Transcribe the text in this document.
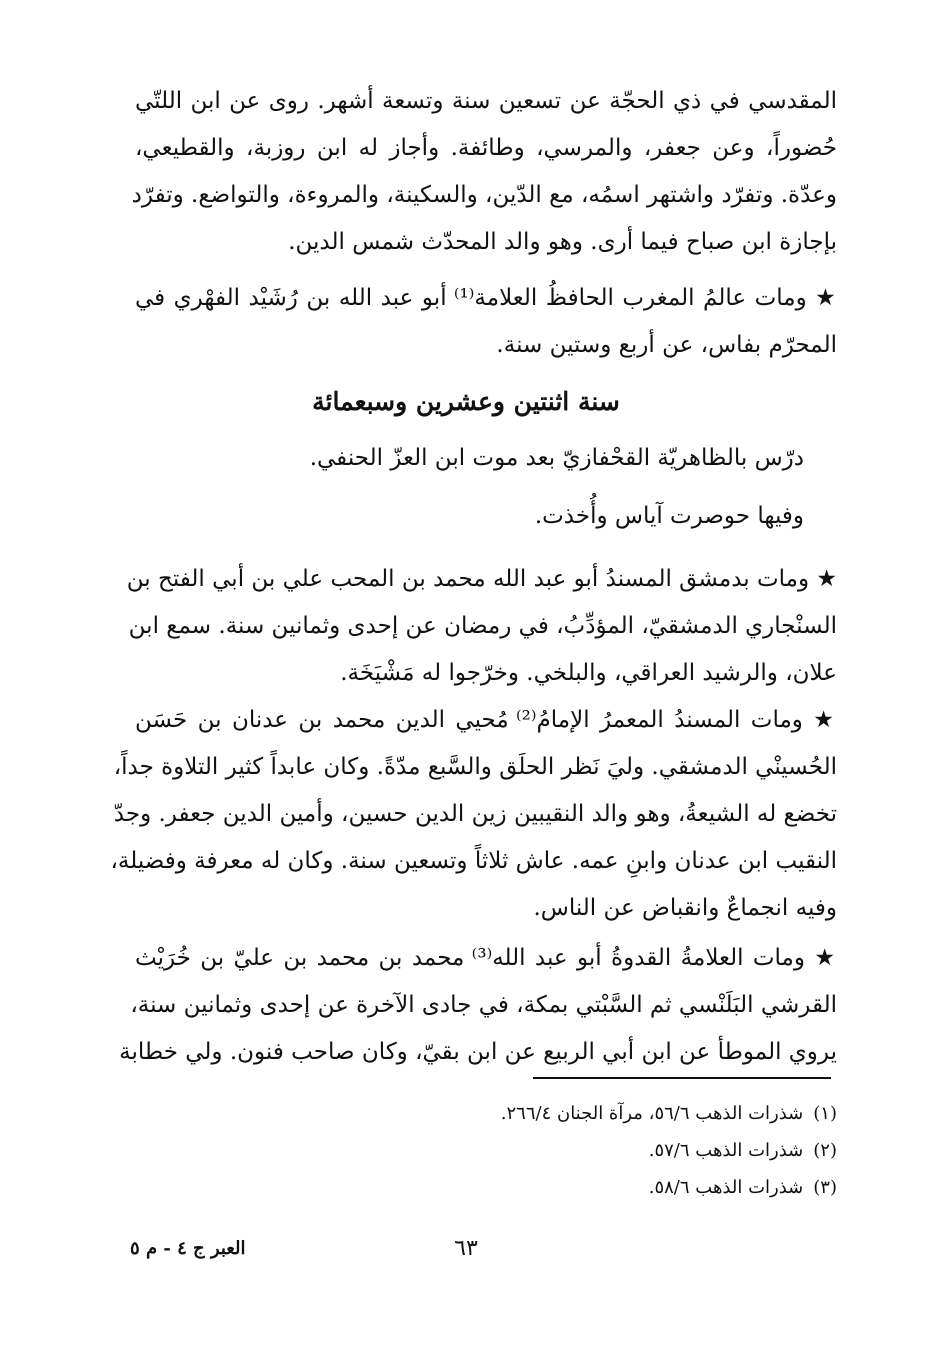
المقدسي في ذي الحجّة عن تسعين سنة وتسعة أشهر. روى عن ابن اللتّي
حُضوراً، وعن جعفر، والمرسي، وطائفة. وأجاز له ابن روزبة، والقطيعي،
وعدّة. وتفرّد واشتهر اسمُه، مع الدّين، والسكينة، والمروءة، والتواضع. وتفرّد
بإجازة ابن صباح فيما أرى. وهو والد المحدّث شمس الدين.
★ ومات عالمُ المغرب الحافظُ العلامة⁽¹⁾ أبو عبد الله بن رُشَيْد الفهْري في
المحرّم بفاس، عن أربع وستين سنة.
سنة اثنتين وعشرين وسبعمائة
درّس بالظاهريّة القحْفازيّ بعد موت ابن العزّ الحنفي.
وفيها حوصرت آياس وأُخذت.
★ ومات بدمشق المسندُ أبو عبد الله محمد بن المحب علي بن أبي الفتح بن
السنْجاري الدمشقيّ، المؤدِّبُ، في رمضان عن إحدى وثمانين سنة. سمع ابن
علان، والرشيد العراقي، والبلخي. وخرّجوا له مَشْيَخَة.
★ ومات المسندُ المعمرُ الإمامُ⁽²⁾ مُحيي الدين محمد بن عدنان بن حَسَن
الحُسينْي الدمشقي. وليَ نَظر الحلَق والسَّبع مدّةً. وكان عابداً كثير التلاوة جداً،
تخضع له الشيعةُ، وهو والد النقيبين زين الدين حسين، وأمين الدين جعفر. وجدّ
النقيب ابن عدنان وابنِ عمه. عاش ثلاثاً وتسعين سنة. وكان له معرفة وفضيلة،
وفيه انجماعٌ وانقباض عن الناس.
★ ومات العلامةُ القدوةُ أبو عبد الله⁽³⁾ محمد بن محمد بن عليّ بن خُرَيْث
القرشي البَلَنْسي ثم السَّبْتي بمكة، في جادى الآخرة عن إحدى وثمانين سنة،
يروي الموطأ عن ابن أبي الربيع عن ابن بقيّ، وكان صاحب فنون. ولي خطابة
(١)شذرات الذهب ٥٦/٦، مرآة الجنان ٢٦٦/٤.
(٢)شذرات الذهب ٥٧/٦.
(٣)شذرات الذهب ٥٨/٦.
٦٣
العبر ج ٤ - م ٥
